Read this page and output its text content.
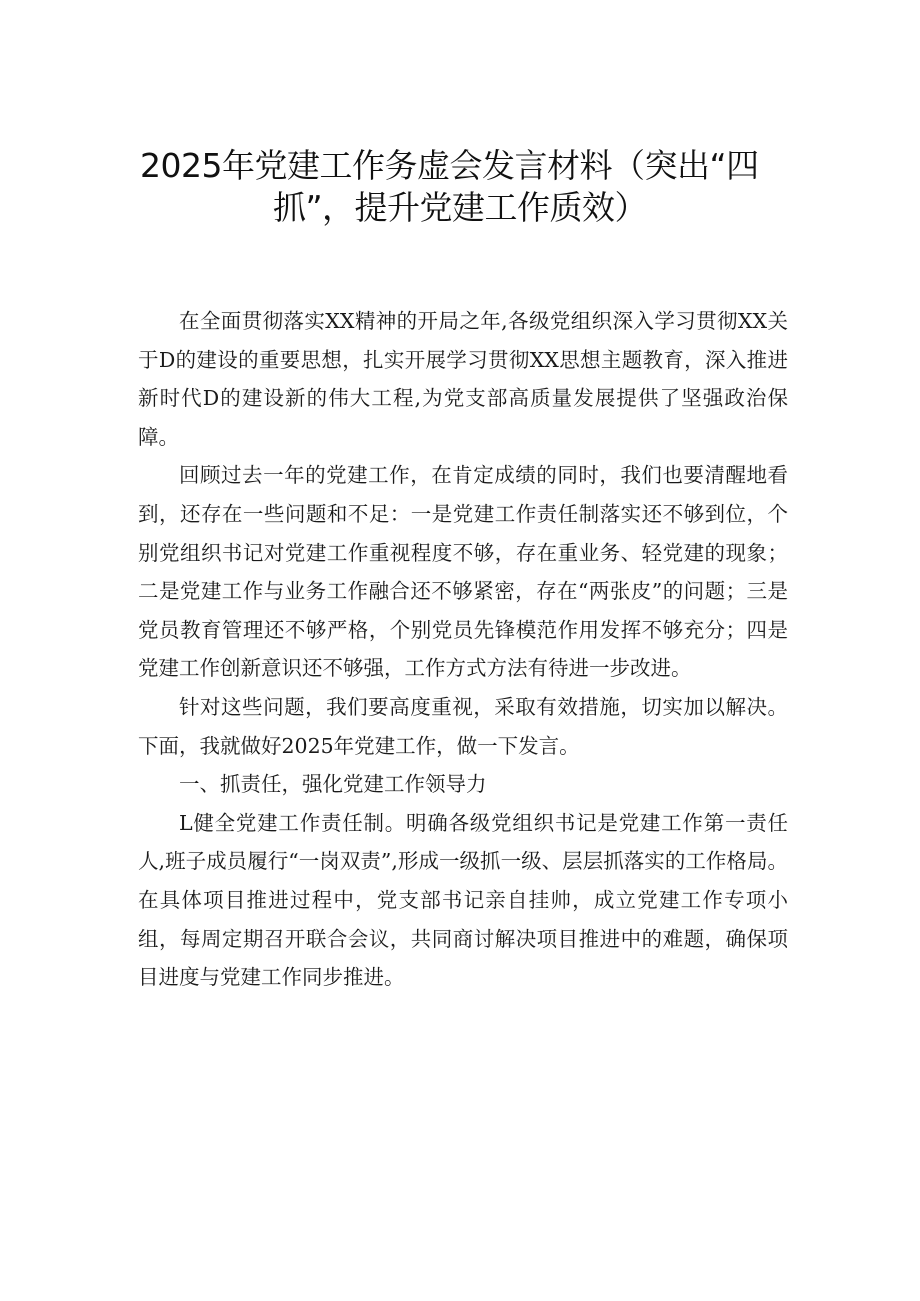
2025年党建工作务虚会发言材料（突出“四
抓”，提升党建工作质效）

在全面贯彻落实XX精神的开局之年,各级党组织深入学习贯彻XX关于D的建设的重要思想，扎实开展学习贯彻XX思想主题教育，深入推进新时代D的建设新的伟大工程,为党支部高质量发展提供了坚强政治保障。

回顾过去一年的党建工作，在肯定成绩的同时，我们也要清醒地看到，还存在一些问题和不足：一是党建工作责任制落实还不够到位，个别党组织书记对党建工作重视程度不够，存在重业务、轻党建的现象；二是党建工作与业务工作融合还不够紧密，存在“两张皮”的问题；三是党员教育管理还不够严格，个别党员先锋模范作用发挥不够充分；四是党建工作创新意识还不够强，工作方式方法有待进一步改进。

针对这些问题，我们要高度重视，采取有效措施，切实加以解决。下面，我就做好2025年党建工作，做一下发言。

一、抓责任，强化党建工作领导力

L健全党建工作责任制。明确各级党组织书记是党建工作第一责任人,班子成员履行“一岗双责”,形成一级抓一级、层层抓落实的工作格局。在具体项目推进过程中，党支部书记亲自挂帅，成立党建工作专项小组，每周定期召开联合会议，共同商讨解决项目推进中的难题，确保项目进度与党建工作同步推进。
